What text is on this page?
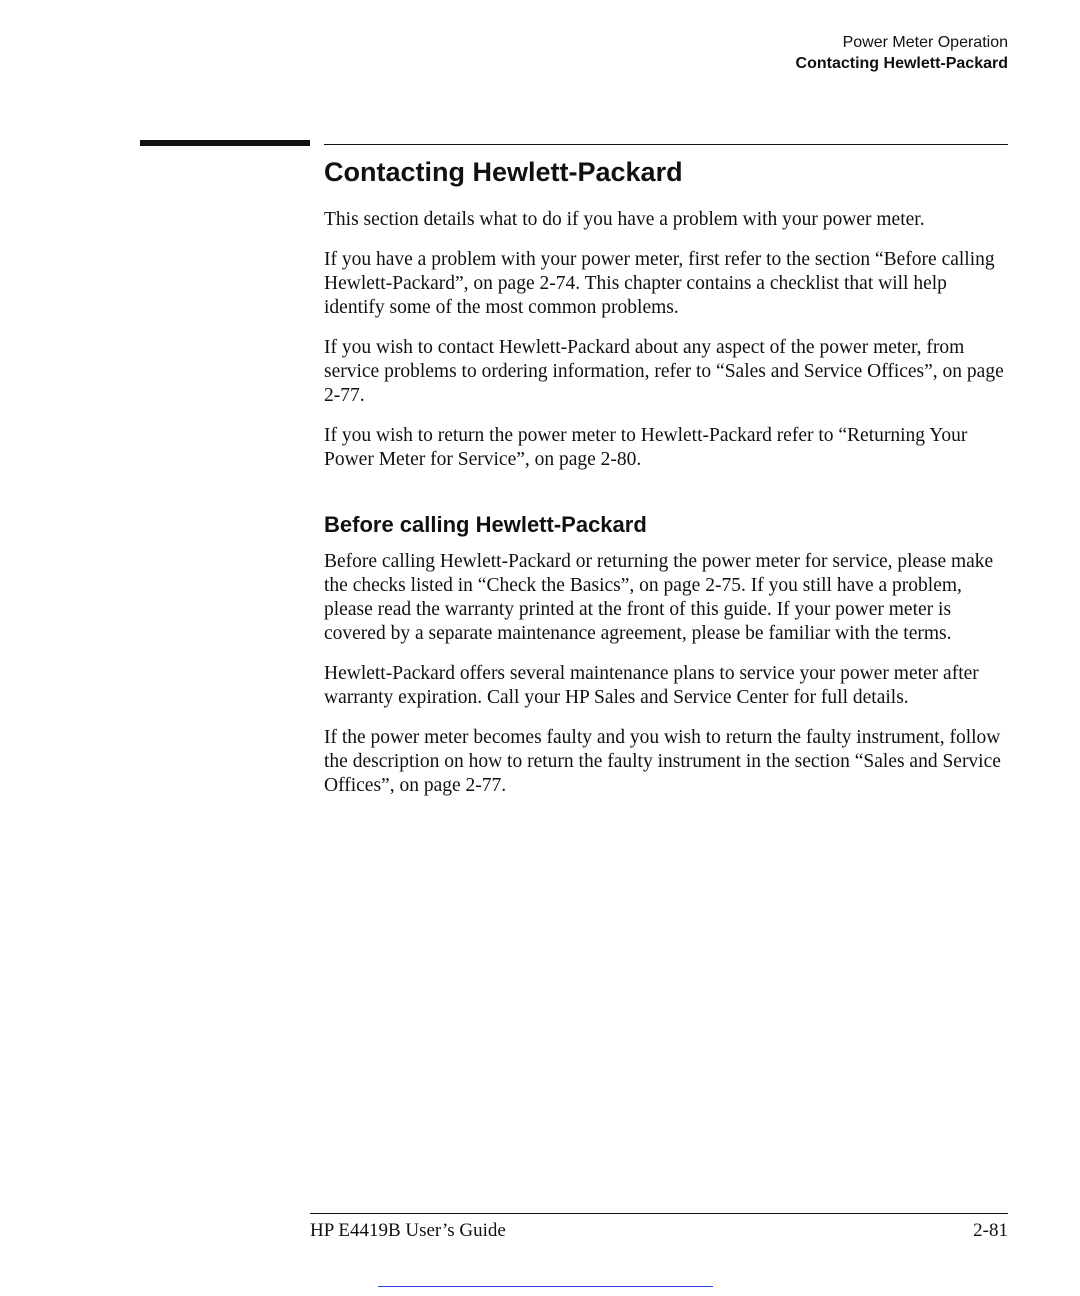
Power Meter Operation
Contacting Hewlett-Packard
Contacting Hewlett-Packard

This section details what to do if you have a problem with your power meter.

If you have a problem with your power meter, first refer to the section “Before calling Hewlett-Packard”, on page 2-74. This chapter contains a checklist that will help identify some of the most common problems.

If you wish to contact Hewlett-Packard about any aspect of the power meter, from service problems to ordering information, refer to “Sales and Service Offices”, on page 2-77.

If you wish to return the power meter to Hewlett-Packard refer to “Returning Your Power Meter for Service”, on page 2-80.

Before calling Hewlett-Packard

Before calling Hewlett-Packard or returning the power meter for service, please make the checks listed in “Check the Basics”, on page 2-75. If you still have a problem, please read the warranty printed at the front of this guide. If your power meter is covered by a separate maintenance agreement, please be familiar with the terms.

Hewlett-Packard offers several maintenance plans to service your power meter after warranty expiration. Call your HP Sales and Service Center for full details.

If the power meter becomes faulty and you wish to return the faulty instrument, follow the description on how to return the faulty instrument in the section “Sales and Service Offices”, on page 2-77.

HP E4419B User’s Guide	2-81
